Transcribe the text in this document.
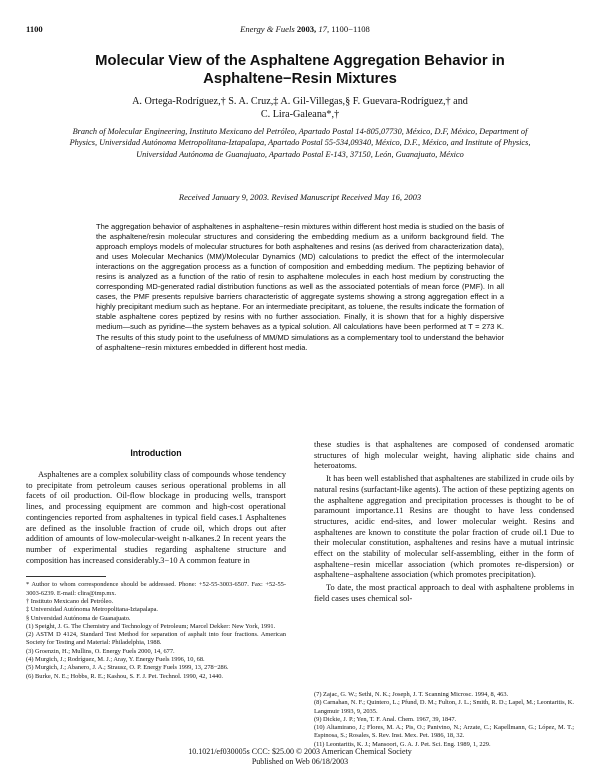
1100	Energy & Fuels 2003, 17, 1100−1108
Molecular View of the Asphaltene Aggregation Behavior in Asphaltene−Resin Mixtures
A. Ortega-Rodríguez,† S. A. Cruz,‡ A. Gil-Villegas,§ F. Guevara-Rodríguez,† and
C. Lira-Galeana*,†
Branch of Molecular Engineering, Instituto Mexicano del Petróleo, Apartado Postal 14-805,07730, México, D.F, México, Department of Physics, Universidad Autónoma Metropolitana-Iztapalapa, Apartado Postal 55-534,09340, México, D.F., México, and Institute of Physics, Universidad Autónoma de Guanajuato, Apartado Postal E-143, 37150, León, Guanajuato, México
Received January 9, 2003. Revised Manuscript Received May 16, 2003

The aggregation behavior of asphaltenes in asphaltene−resin mixtures within different host media is studied on the basis of the asphaltene/resin molecular structures and considering the embedding medium as a uniform background field. The approach employs models of molecular structures for both asphaltenes and resins (as derived from characterization data), and uses Molecular Mechanics (MM)/Molecular Dynamics (MD) calculations to predict the effect of the intermolecular interactions on the aggregation process as a function of composition and embedding medium. The peptizing behavior of resins is analyzed as a function of the ratio of resin to asphaltene molecules in each host medium by constructing the corresponding MD-generated radial distribution functions as well as the associated potentials of mean force (PMF). In all cases, the PMF presents repulsive barriers characteristic of aggregate systems showing a strong aggregation effect in a highly precipitant medium such as heptane. For an intermediate precipitant, as toluene, the results indicate the formation of stable asphaltene cores peptized by resins with no further association. Finally, it is shown that for a highly dispersive medium—such as pyridine—the system behaves as a typical solution. All calculations have been performed at T = 273 K. The results of this study point to the usefulness of MM/MD simulations as a complementary tool to understand the behavior of asphaltene−resin mixtures embedded in different host media.

Introduction

Asphaltenes are a complex solubility class of compounds whose tendency to precipitate from petroleum causes serious operational problems in all facets of oil production. Oil-flow blockage in producing wells, transport lines, and processing equipment are common and high-cost operational contingencies reported from asphaltenes in typical field cases.1 Asphaltenes are defined as the insoluble fraction of crude oil, which drops out after addition of amounts of low-molecular-weight n-alkanes.2 In recent years the number of experimental studies regarding asphaltene structure and composition has increased considerably.3−10 A common feature in

* Author to whom correspondence should be addressed. Phone: +52-55-3003-6507. Fax: +52-55-3003-6239. E-mail: clira@imp.mx.

† Instituto Mexicano del Petróleo.

‡ Universidad Autónoma Metropolitana-Iztapalapa.

§ Universidad Autónoma de Guanajuato.

(1) Speight, J. G. The Chemistry and Technology of Petroleum; Marcel Dekker: New York, 1991.

(2) ASTM D 4124, Standard Test Method for separation of asphalt into four fractions. American Society for Testing and Material: Philadelphia, 1988.

(3) Groenzin, H.; Mullins, O. Energy Fuels 2000, 14, 677.

(4) Murgich, J.; Rodríguez, M. J.; Aray, Y. Energy Fuels 1996, 10, 68.

(5) Murgich, J.; Abanero, J. A.; Strausz, O. P. Energy Fuels 1999, 13, 278−286.

(6) Burke, N. E.; Hobbs, R. E.; Kashou, S. F. J. Pet. Technol. 1990, 42, 1440.

these studies is that asphaltenes are composed of condensed aromatic structures of high molecular weight, having aliphatic side chains and heteroatoms.

It has been well established that asphaltenes are stabilized in crude oils by natural resins (surfactant-like agents). The action of these peptizing agents on the asphaltene aggregation and precipitation processes is thought to be of paramount importance.11 Resins are thought to have less condensed structures, acidic end-sites, and lower molecular weight. Resins and asphaltenes are known to constitute the polar fraction of crude oil.1 Due to their molecular constitution, asphaltenes and resins have a mutual intrinsic effect on the stability of molecular self-assembling, either in the form of asphaltene−resin micellar association (which promotes re-dispersion) or asphaltene−asphaltene association (which promotes precipitation).

To date, the most practical approach to deal with asphaltene problems in field cases uses chemical sol-

(7) Zajac, G. W.; Sethi, N. K.; Joseph, J. T. Scanning Microsc. 1994, 8, 463.

(8) Carnahan, N. F.; Quintero, L.; Pfund, D. M.; Fulton, J. L.; Smith, R. D.; Lapel, M.; Leontaritis, K. Langmuir 1993, 9, 2035.

(9) Dickie, J. P.; Yen, T. F. Anal. Chem. 1967, 39, 1847.

(10) Altamirano, J.; Flores, M. A.; Pis, O.; Panivino, N.; Arzate, C.; Kapellmann, G.; López, M. T.; Espinosa, S.; Rosales, S. Rev. Inst. Mex. Pet. 1986, 18, 32.

(11) Leontaritis, K. J.; Mansoori, G. A. J. Pet. Sci. Eng. 1989, 1, 229.

10.1021/ef030005s CCC: $25.00 © 2003 American Chemical Society
Published on Web 06/18/2003
